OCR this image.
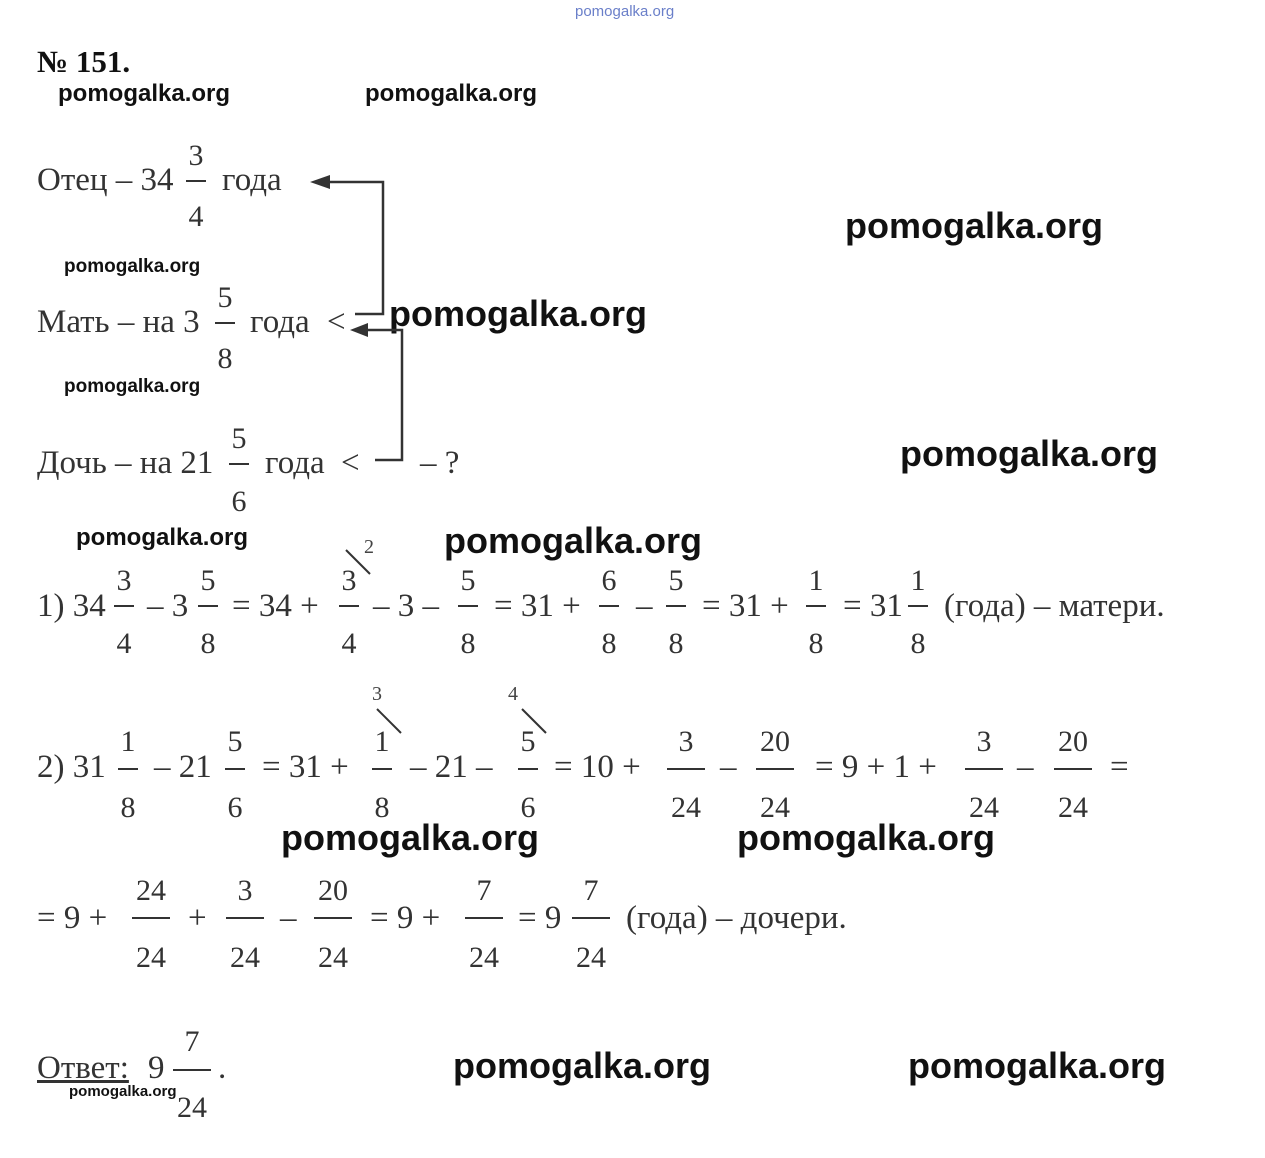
pomogalka.org
pomogalka.org	pomogalka.org
pomogalka.org
pomogalka.org
pomogalka.org
pomogalka.org
pomogalka.org
pomogalka.org	pomogalka.org
pomogalka.org	pomogalka.org
pomogalka.org	pomogalka.org
pomogalka.org
№ 151.
Отец – 34
3
4
года
Мать – на 3
5
8
года <
Дочь – на 21
5
6
года < – ?
1) 34 – 3 = 34 + – 3 – = 31 + – = 31 + = 31 (года) – матери.
2
3
4
5
8
3
4
5
8
6
8
5
8
1
8
1
8
2) 31 – 21 = 31 + – 21 – = 10 + – = 9 + 1 + – =
3	4
1
8
5
6
1
8
5
6
3
24
20
24
3
24
20
24
= 9 + + – = 9 + = 9 (года) – дочери.
24
24
3
24
20
24
7
24
7
24
Ответ: 9
7
24
.
